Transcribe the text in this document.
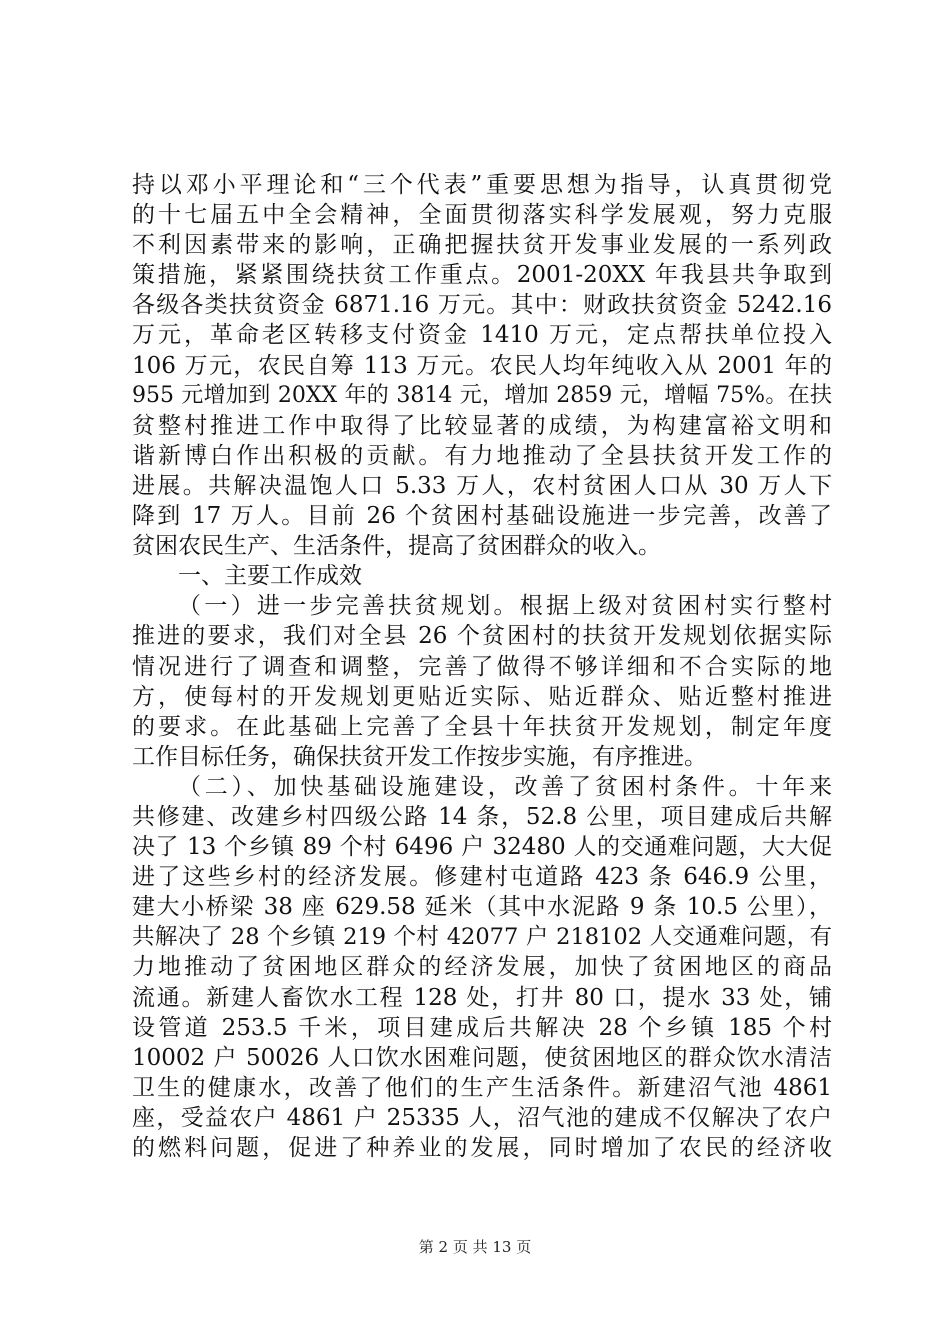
持以邓小平理论和“三个代表”重要思想为指导，认真贯彻党
的十七届五中全会精神，全面贯彻落实科学发展观，努力克服
不利因素带来的影响，正确把握扶贫开发事业发展的一系列政
策措施，紧紧围绕扶贫工作重点。2001-20XX 年我县共争取到
各级各类扶贫资金 6871.16 万元。其中：财政扶贫资金 5242.16
万元，革命老区转移支付资金 1410 万元，定点帮扶单位投入
106 万元，农民自筹 113 万元。农民人均年纯收入从 2001 年的
955 元增加到 20XX 年的 3814 元，增加 2859 元，增幅 75%。在扶
贫整村推进工作中取得了比较显著的成绩，为构建富裕文明和
谐新博白作出积极的贡献。有力地推动了全县扶贫开发工作的
进展。共解决温饱人口 5.33 万人，农村贫困人口从 30 万人下
降到 17 万人。目前 26 个贫困村基础设施进一步完善，改善了
贫困农民生产、生活条件，提高了贫困群众的收入。
一、主要工作成效
（一）进一步完善扶贫规划。根据上级对贫困村实行整村
推进的要求，我们对全县 26 个贫困村的扶贫开发规划依据实际
情况进行了调查和调整，完善了做得不够详细和不合实际的地
方，使每村的开发规划更贴近实际、贴近群众、贴近整村推进
的要求。在此基础上完善了全县十年扶贫开发规划，制定年度
工作目标任务，确保扶贫开发工作按步实施，有序推进。
（二）、加快基础设施建设，改善了贫困村条件。十年来
共修建、改建乡村四级公路 14 条，52.8 公里，项目建成后共解
决了 13 个乡镇 89 个村 6496 户 32480 人的交通难问题，大大促
进了这些乡村的经济发展。修建村屯道路 423 条 646.9 公里，
建大小桥梁 38 座 629.58 延米（其中水泥路 9 条 10.5 公里），
共解决了 28 个乡镇 219 个村 42077 户 218102 人交通难问题，有
力地推动了贫困地区群众的经济发展，加快了贫困地区的商品
流通。新建人畜饮水工程 128 处，打井 80 口，提水 33 处，铺
设管道 253.5 千米，项目建成后共解决 28 个乡镇 185 个村
10002 户 50026 人口饮水困难问题，使贫困地区的群众饮水清洁
卫生的健康水，改善了他们的生产生活条件。新建沼气池 4861
座，受益农户 4861 户 25335 人，沼气池的建成不仅解决了农户
的燃料问题，促进了种养业的发展，同时增加了农民的经济收
第 2 页 共 13 页
